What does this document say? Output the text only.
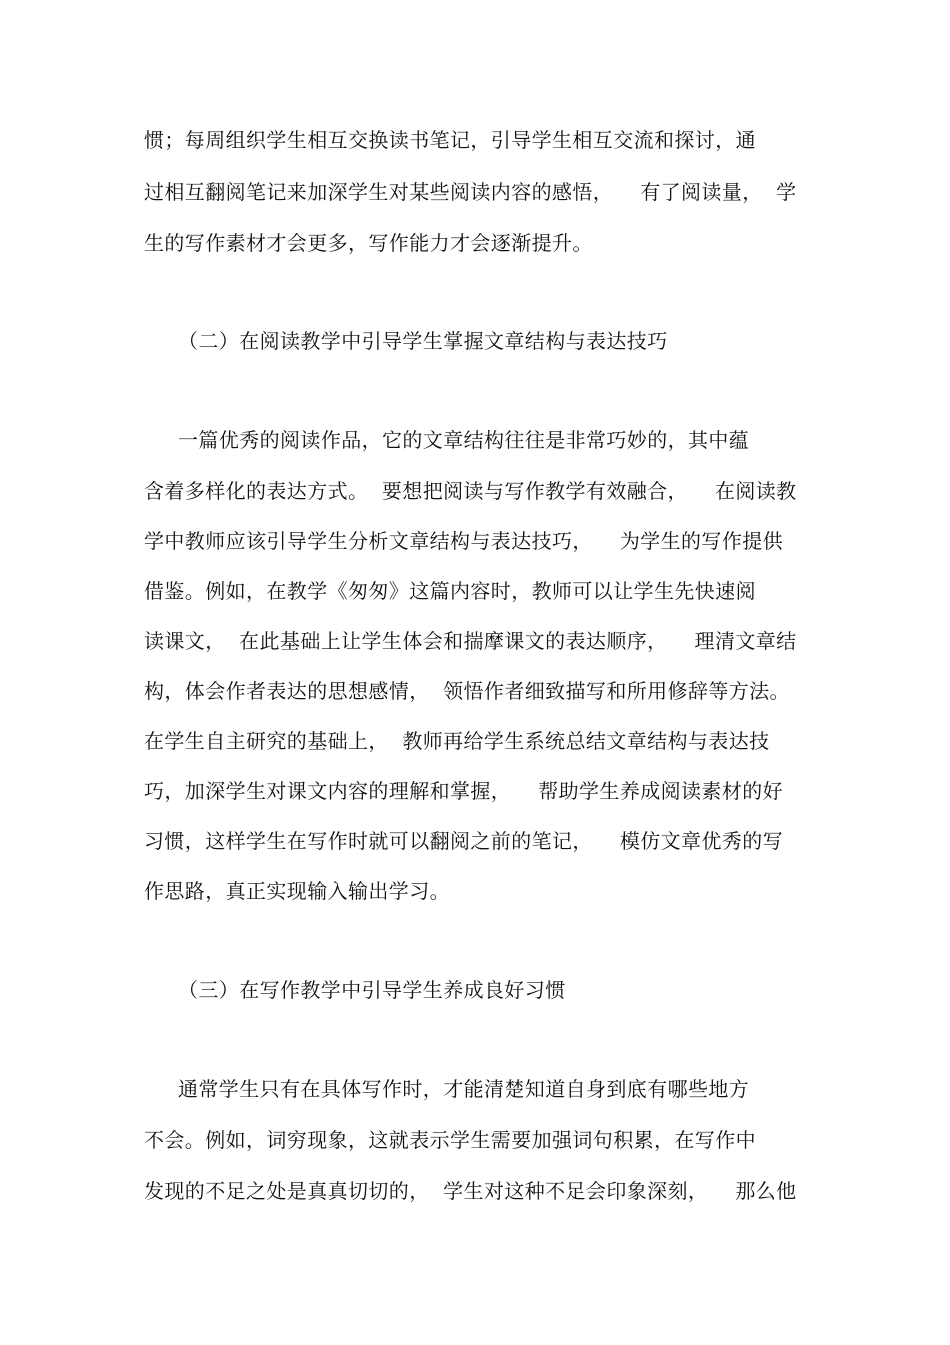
惯；每周组织学生相互交换读书笔记，引导学生相互交流和探讨，通
过相互翻阅笔记来加深学生对某些阅读内容的感悟，    有了阅读量，  学
生的写作素材才会更多，写作能力才会逐渐提升。
（二）在阅读教学中引导学生掌握文章结构与表达技巧
一篇优秀的阅读作品，它的文章结构往往是非常巧妙的，其中蕴
含着多样化的表达方式。  要想把阅读与写作教学有效融合，    在阅读教
学中教师应该引导学生分析文章结构与表达技巧，    为学生的写作提供
借鉴。例如，在教学《匆匆》这篇内容时，教师可以让学生先快速阅
读课文，  在此基础上让学生体会和揣摩课文的表达顺序，    理清文章结
构，体会作者表达的思想感情，  领悟作者细致描写和所用修辞等方法。
在学生自主研究的基础上，  教师再给学生系统总结文章结构与表达技
巧，加深学生对课文内容的理解和掌握，    帮助学生养成阅读素材的好
习惯，这样学生在写作时就可以翻阅之前的笔记，    模仿文章优秀的写
作思路，真正实现输入输出学习。
（三）在写作教学中引导学生养成良好习惯
通常学生只有在具体写作时，才能清楚知道自身到底有哪些地方
不会。例如，词穷现象，这就表示学生需要加强词句积累，在写作中
发现的不足之处是真真切切的，  学生对这种不足会印象深刻，    那么他
